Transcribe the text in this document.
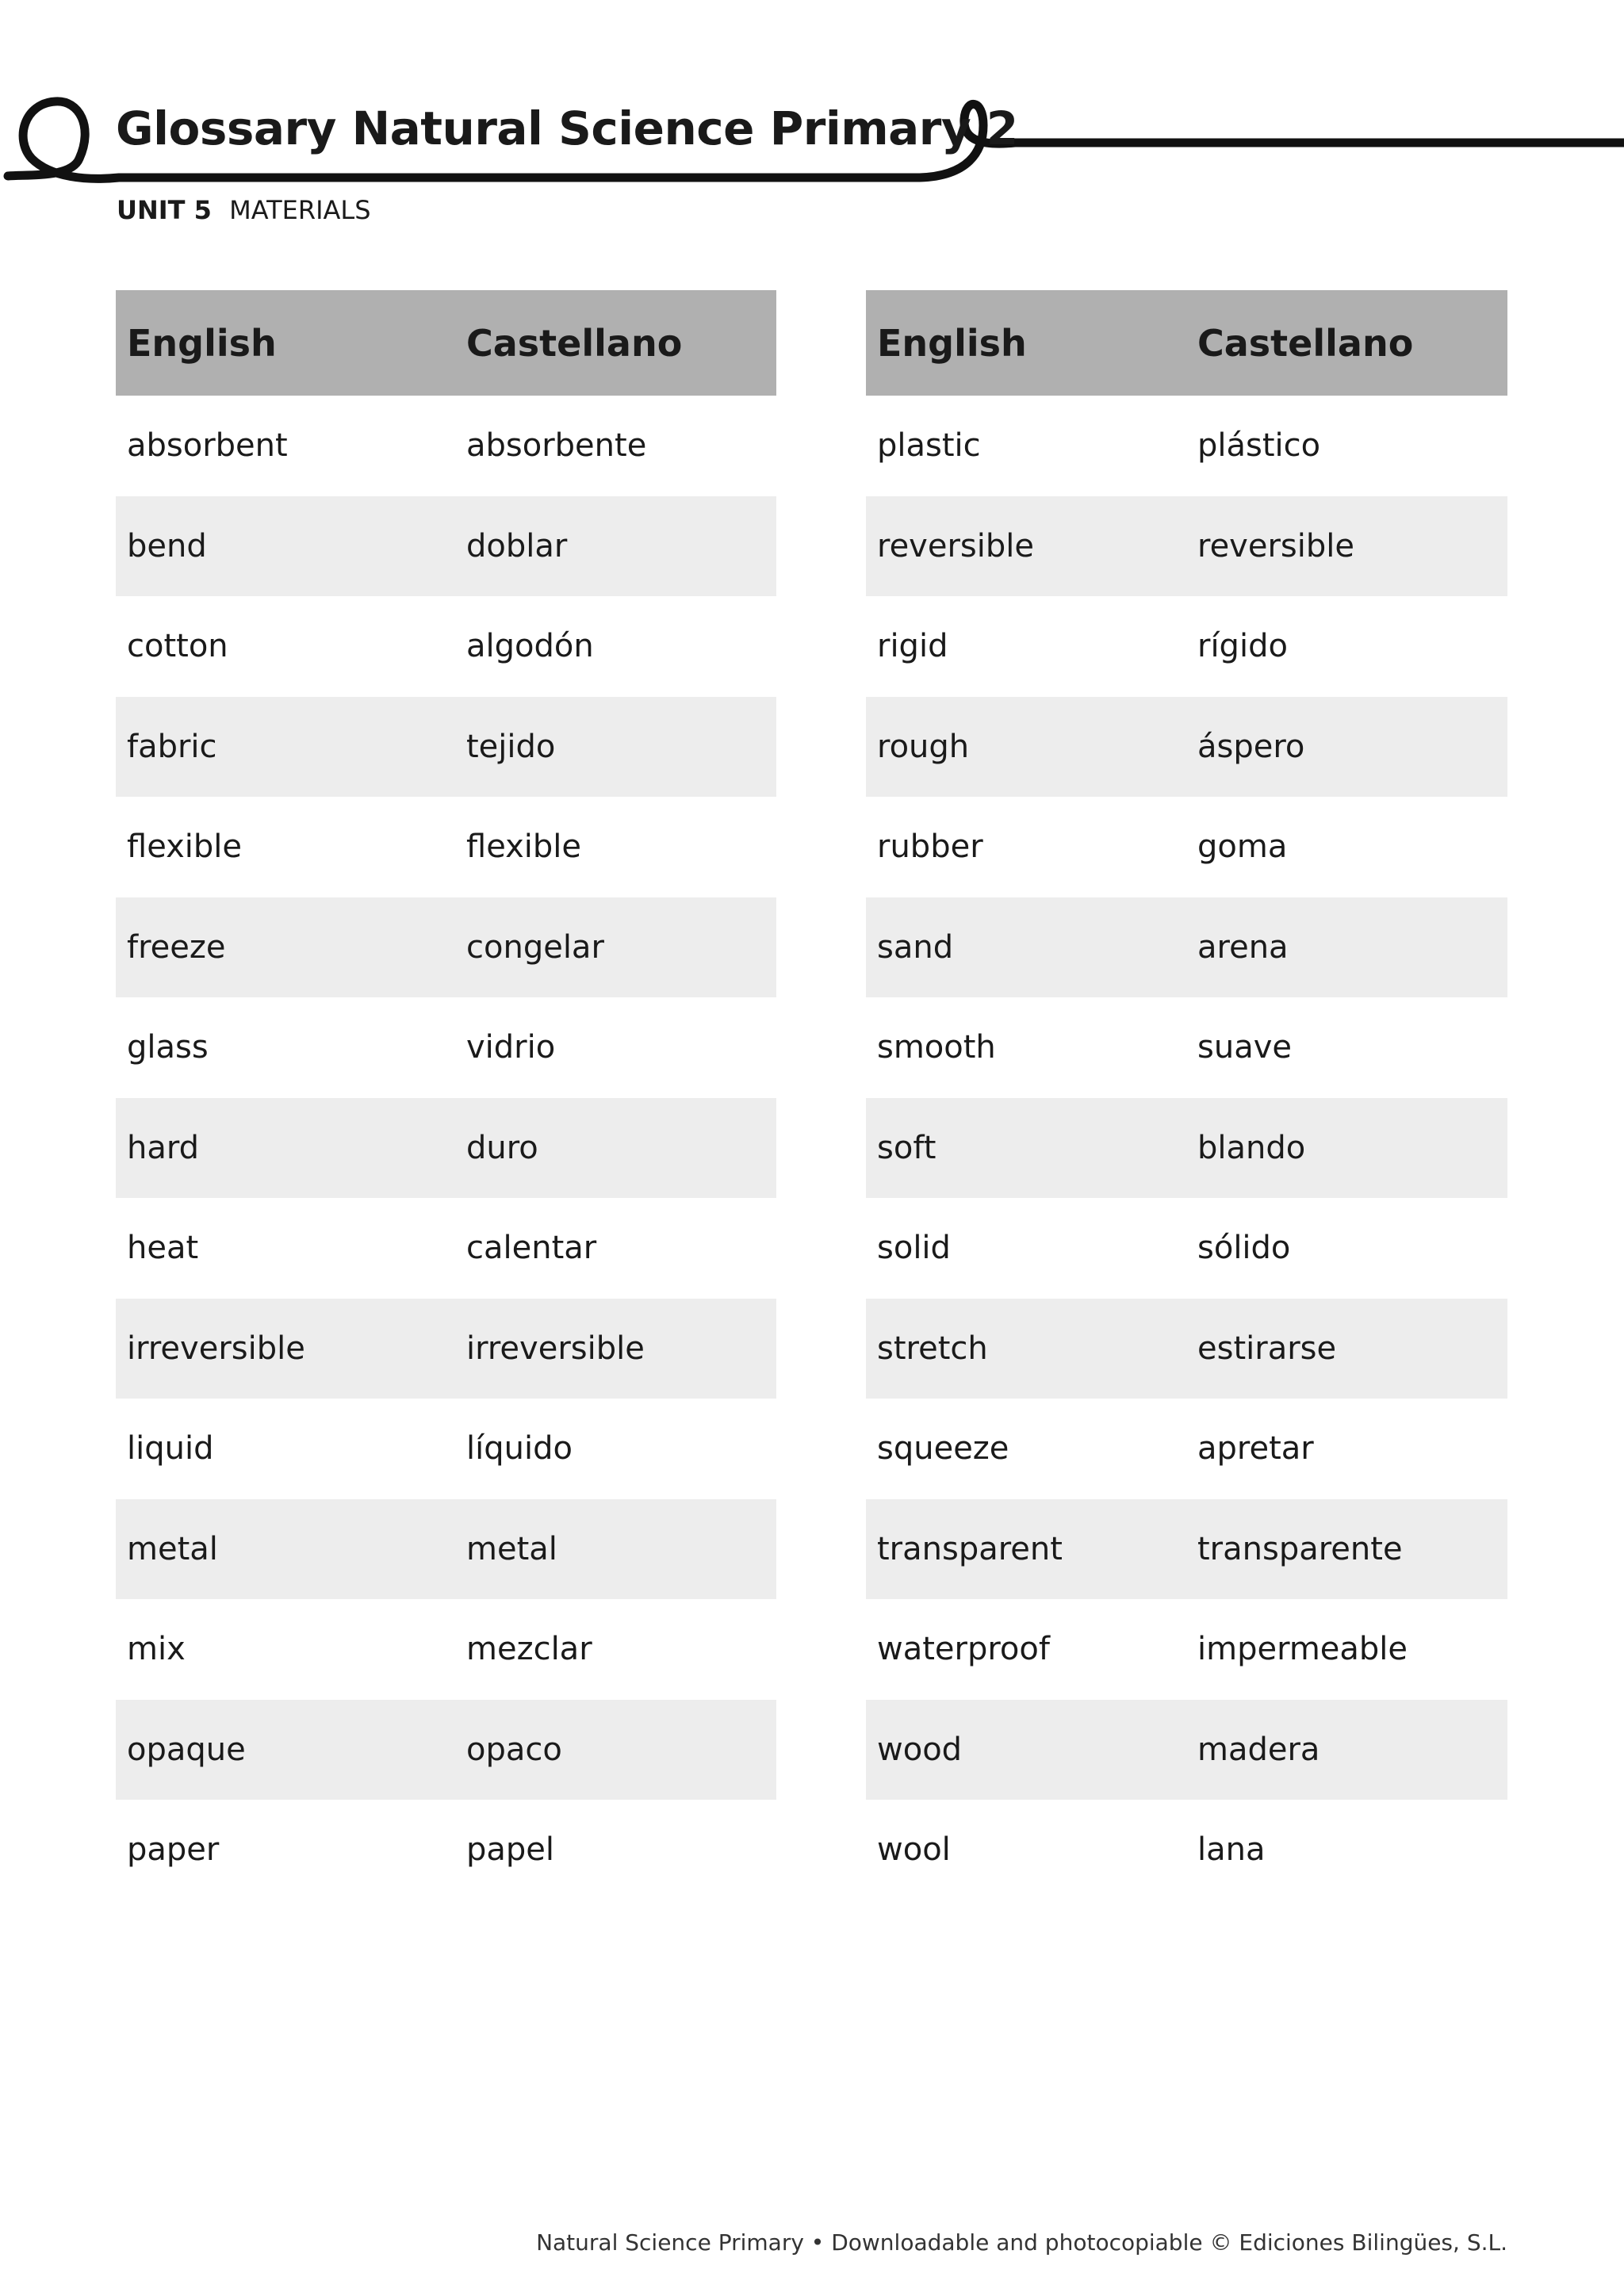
Glossary Natural Science Primary 2
UNIT 5 MATERIALS
English	Castellano
absorbent	absorbente
bend	doblar
cotton	algodón
fabric	tejido
flexible	flexible
freeze	congelar
glass	vidrio
hard	duro
heat	calentar
irreversible	irreversible
liquid	líquido
metal	metal
mix	mezclar
opaque	opaco
paper	papel
English	Castellano
plastic	plástico
reversible	reversible
rigid	rígido
rough	áspero
rubber	goma
sand	arena
smooth	suave
soft	blando
solid	sólido
stretch	estirarse
squeeze	apretar
transparent	transparente
waterproof	impermeable
wood	madera
wool	lana
Natural Science Primary • Downloadable and photocopiable © Ediciones Bilingües, S.L.
